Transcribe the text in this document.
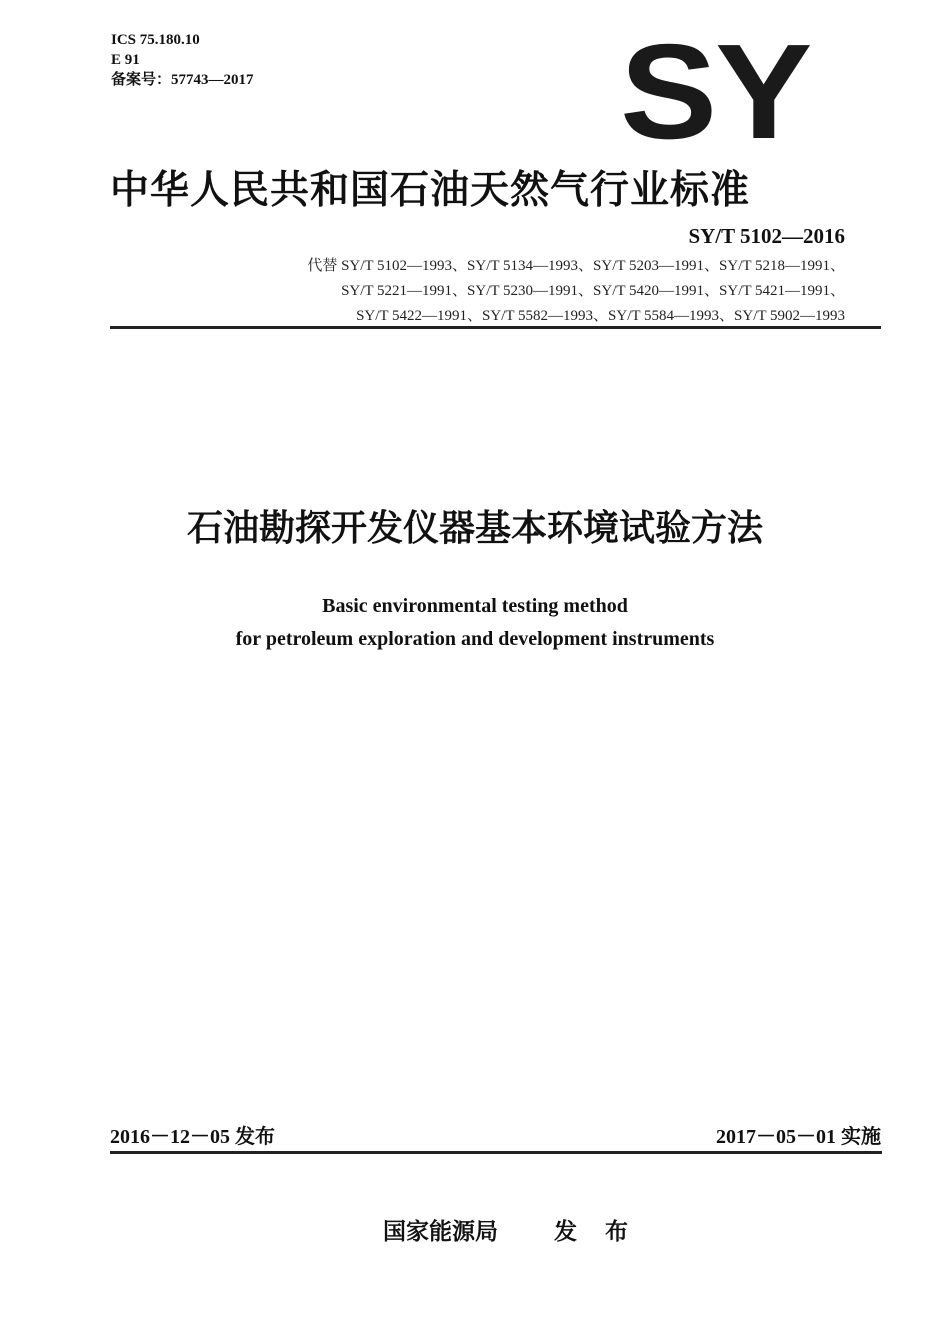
ICS 75.180.10
E 91
备案号：57743—2017	SY
中华人民共和国石油天然气行业标准
SY/T 5102—2016
代替 SY/T 5102—1993、SY/T 5134—1993、SY/T 5203—1991、SY/T 5218—1991、
SY/T 5221—1991、SY/T 5230—1991、SY/T 5420—1991、SY/T 5421—1991、
SY/T 5422—1991、SY/T 5582—1993、SY/T 5584—1993、SY/T 5902—1993
石油勘探开发仪器基本环境试验方法
Basic environmental testing method
for petroleum exploration and development instruments
2016－12－05 发布	2017－05－01 实施
国家能源局 发 布
